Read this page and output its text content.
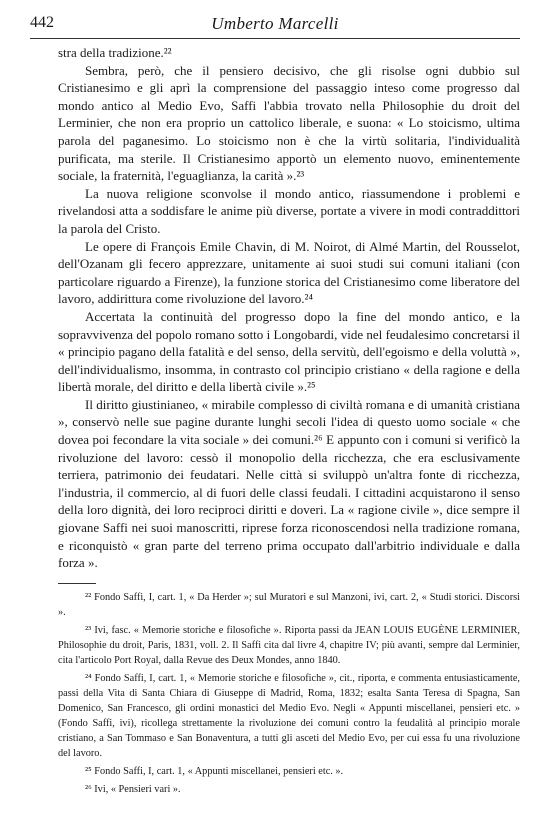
442	Umberto Marcelli

stra della tradizione.²²

Sembra, però, che il pensiero decisivo, che gli risolse ogni dubbio sul Cristianesimo e gli aprì la comprensione del passaggio inteso come progresso dal mondo antico al Medio Evo, Saffi l'abbia trovato nella Philosophie du droit del Lerminier, che non era proprio un cattolico liberale, e suona: « Lo stoicismo, ultima parola del paganesimo. Lo stoicismo non è che la virtù solitaria, l'individualità purificata, ma sterile. Il Cristianesimo apportò un elemento nuovo, eminentemente sociale, la fraternità, l'eguaglianza, la carità ».²³

La nuova religione sconvolse il mondo antico, riassumendone i problemi e rivelandosi atta a soddisfare le anime più diverse, portate a vivere in modi contraddittori la parola del Cristo.

Le opere di François Emile Chavin, di M. Noirot, di Almé Martin, del Rousselot, dell'Ozanam gli fecero apprezzare, unitamente ai suoi studi sui comuni italiani (con particolare riguardo a Firenze), la funzione storica del Cristianesimo come liberatore del lavoro, addirittura come rivoluzione del lavoro.²⁴

Accertata la continuità del progresso dopo la fine del mondo antico, e la sopravvivenza del popolo romano sotto i Longobardi, vide nel feudalesimo concretarsi il « principio pagano della fatalità e del senso, della servitù, dell'egoismo e della voluttà », dell'individualismo, insomma, in contrasto col principio cristiano « della ragione e della libertà morale, del diritto e della libertà civile ».²⁵

Il diritto giustinianeo, « mirabile complesso di civiltà romana e di umanità cristiana », conservò nelle sue pagine durante lunghi secoli l'idea di questo uomo sociale « che dovea poi fecondare la vita sociale » dei comuni.²⁶ E appunto con i comuni si verificò la rivoluzione del lavoro: cessò il monopolio della ricchezza, che era esclusivamente terriera, patrimonio dei feudatari. Nelle città si sviluppò un'altra fonte di ricchezza, l'industria, il commercio, al di fuori delle classi feudali. I cittadini acquistarono il senso della loro dignità, dei loro reciproci diritti e doveri. La « ragione civile », dice sempre il giovane Saffi nei suoi manoscritti, riprese forza riconoscendosi nella tradizione romana, e riconquistò « gran parte del terreno prima occupato dall'arbitrio individuale e dalla forza ».

²² Fondo Saffi, I, cart. 1, « Da Herder »; sul Muratori e sul Manzoni, ivi, cart. 2, « Studi storici. Discorsi ».

²³ Ivi, fasc. « Memorie storiche e filosofiche ». Riporta passi da JEAN LOUIS EUGÈNE LERMINIER, Philosophie du droit, Paris, 1831, voll. 2. Il Saffi cita dal livre 4, chapitre IV; più avanti, sempre dal Lerminier, cita l'articolo Port Royal, dalla Revue des Deux Mondes, anno 1840.

²⁴ Fondo Saffi, I, cart. 1, « Memorie storiche e filosofiche », cit., riporta, e commenta entusiasticamente, passi della Vita di Santa Chiara di Giuseppe di Madrid, Roma, 1832; esalta Santa Teresa di Spagna, San Domenico, San Francesco, gli ordini monastici del Medio Evo. Negli « Appunti miscellanei, pensieri etc. » (Fondo Saffi, ivi), ricollega strettamente la rivoluzione dei comuni contro la feudalità al principio morale cristiano, a San Tommaso e San Bonaventura, a tutti gli asceti del Medio Evo, per cui essa fu una rivoluzione del lavoro.

²⁵ Fondo Saffi, I, cart. 1, « Appunti miscellanei, pensieri etc. ».

²⁶ Ivi, « Pensieri vari ».
